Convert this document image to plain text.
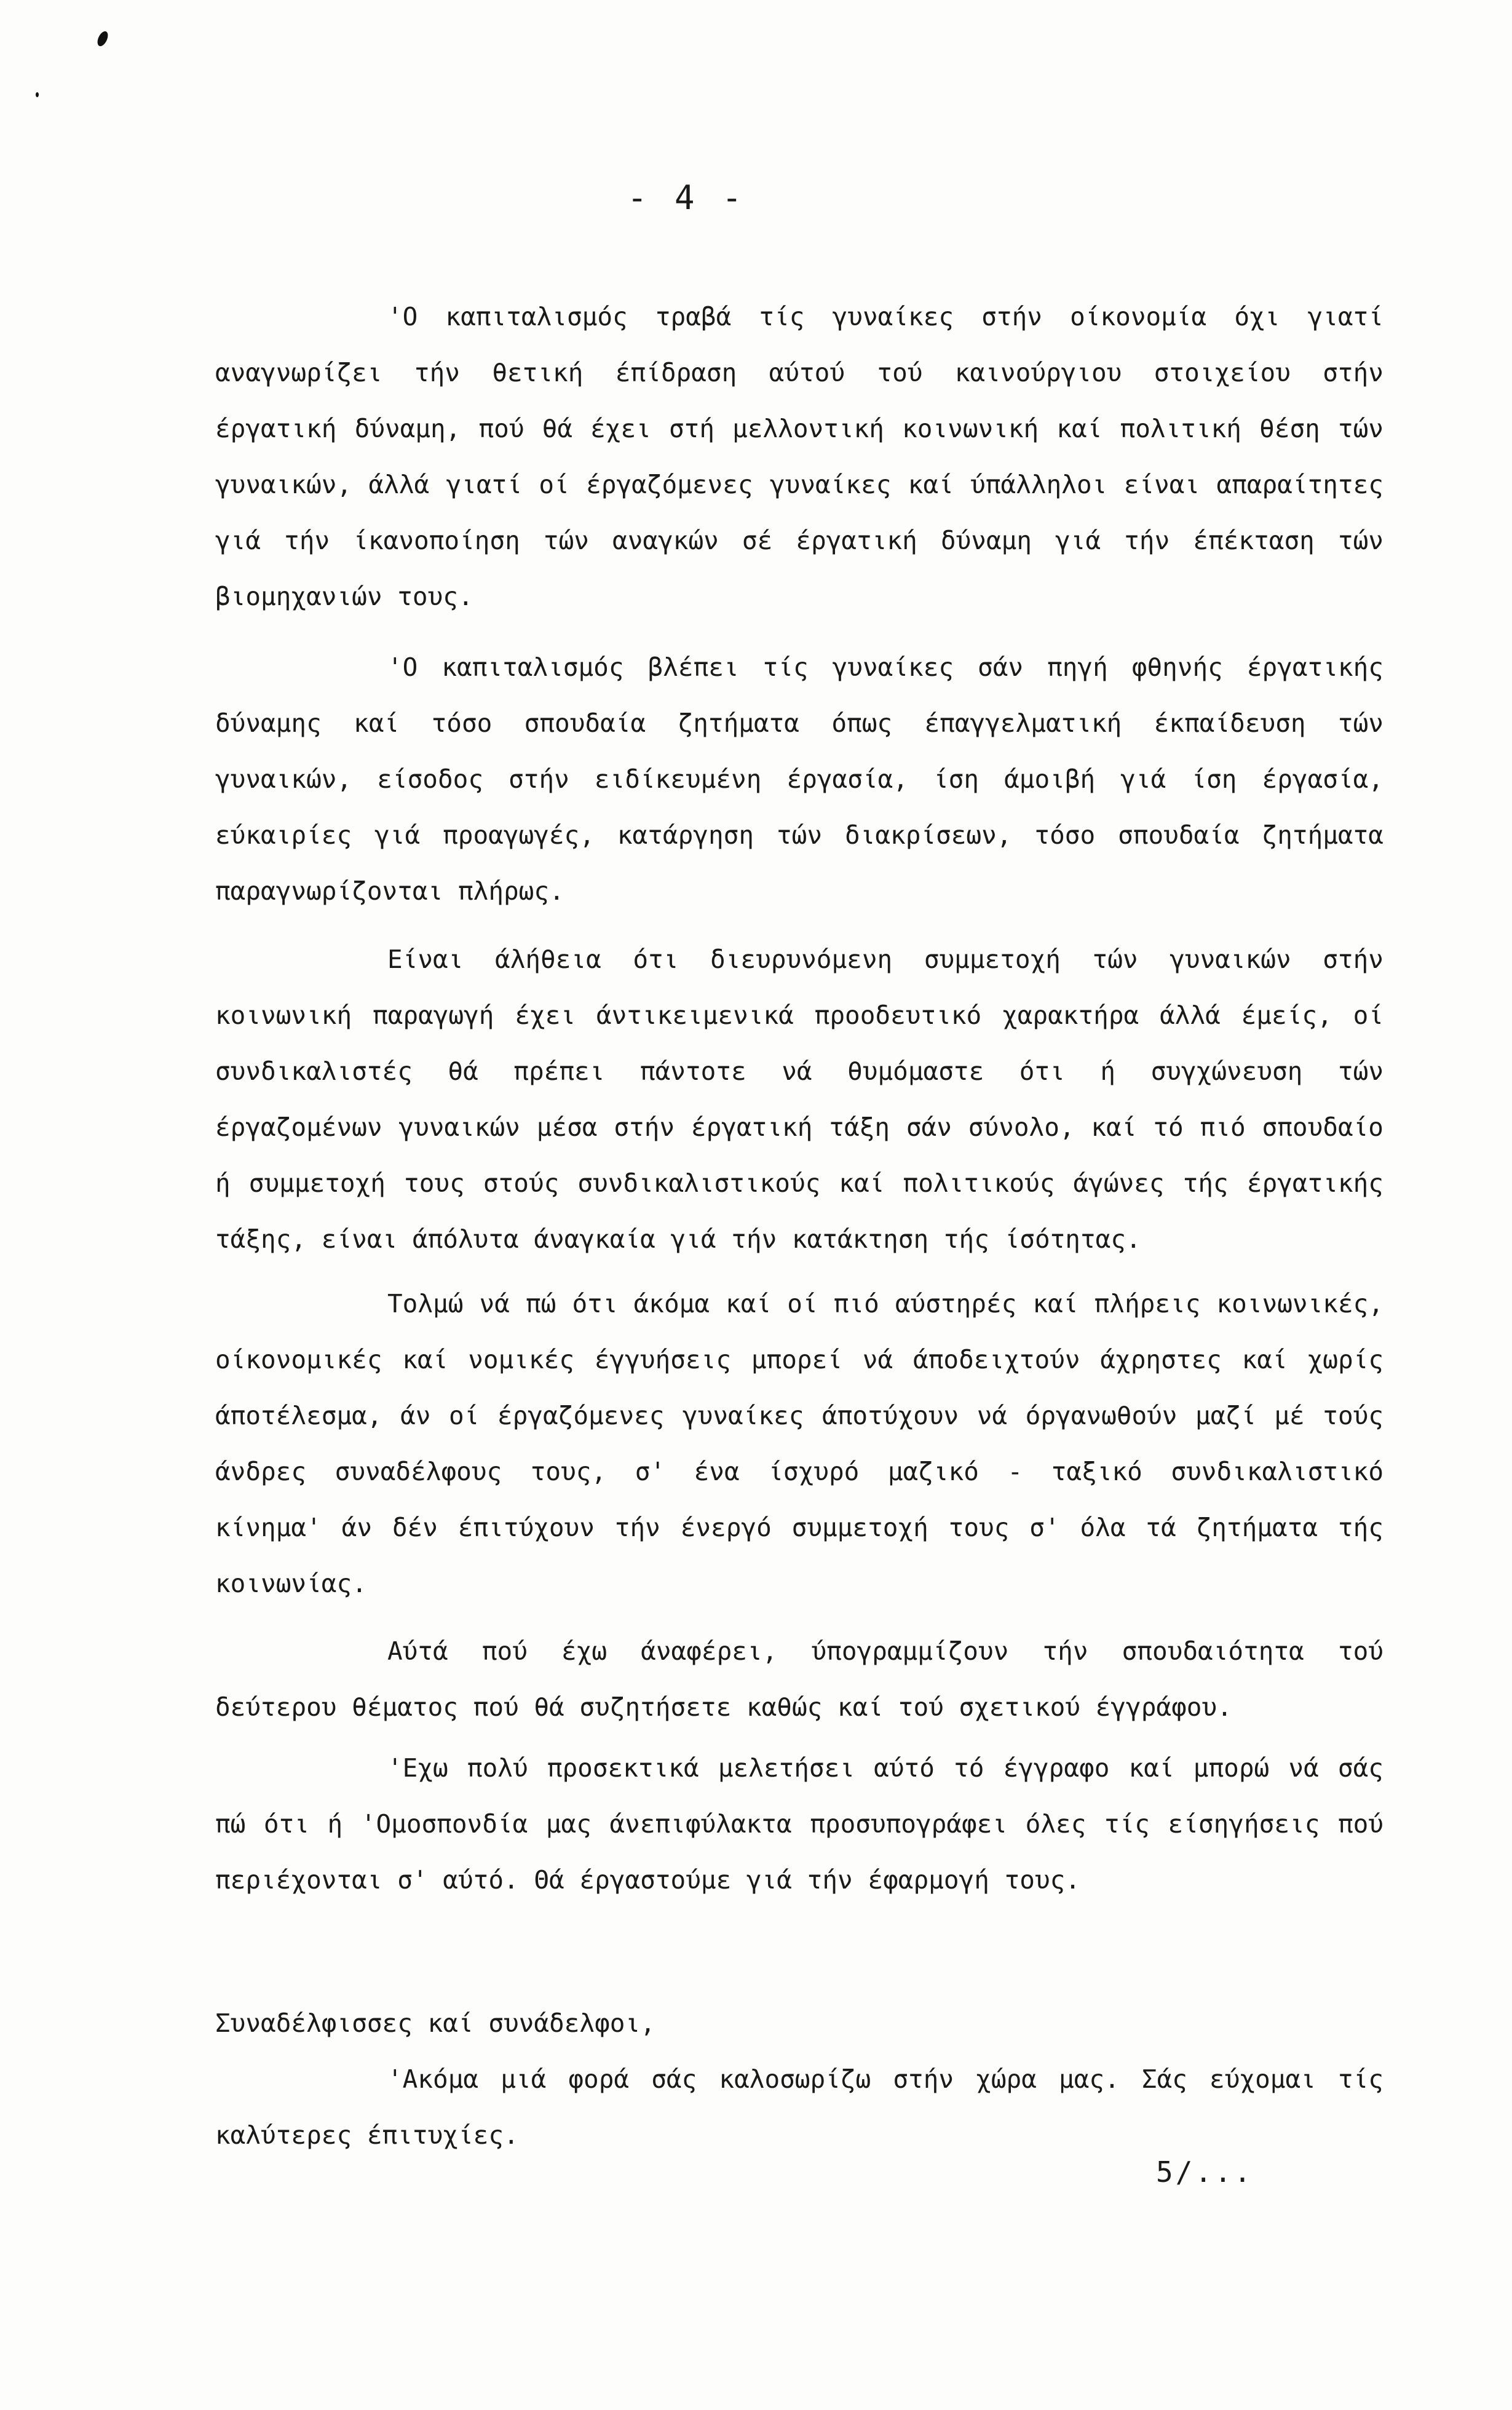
- 4 -
'Ο καπιταλισμός τραβά τίς γυναίκες στήν οίκονομία όχι γιατί αναγνωρίζει τήν θετική έπίδραση αύτού τού καινούργιου στοιχείου στήν έργατική δύναμη, πού θά έχει στή μελλοντική κοινωνική καί πολιτική θέση τών γυναικών, άλλά γιατί οί έργαζόμενες γυναίκες καί ύπάλληλοι είναι απαραίτητες γιά τήν ίκανοποίηση τών αναγκών σέ έργατική δύναμη γιά τήν έπέκταση τών βιομηχανιών τους.
'Ο καπιταλισμός βλέπει τίς γυναίκες σάν πηγή φθηνής έργατικής δύναμης καί τόσο σπουδαία ζητήματα όπως έπαγγελματική έκπαίδευση τών γυναικών, είσοδος στήν ειδίκευμένη έργασία, ίση άμοιβή γιά ίση έργασία, εύκαιρίες γιά προαγωγές, κατάργηση τών διακρίσεων, τόσο σπουδαία ζητήματα παραγνωρίζονται πλήρως.
Είναι άλήθεια ότι διευρυνόμενη συμμετοχή τών γυναικών στήν κοινωνική παραγωγή έχει άντικειμενικά προοδευτικό χαρακτήρα άλλά έμείς, οί συνδικαλιστές θά πρέπει πάντοτε νά θυμόμαστε ότι ή συγχώνευση τών έργαζομένων γυναικών μέσα στήν έργατική τάξη σάν σύνολο, καί τό πιό σπουδαίο ή συμμετοχή τους στούς συνδικαλιστικούς καί πολιτικούς άγώνες τής έργατικής τάξης, είναι άπόλυτα άναγκαία γιά τήν κατάκτηση τής ίσότητας.
Τολμώ νά πώ ότι άκόμα καί οί πιό αύστηρές καί πλήρεις κοινωνικές, οίκονομικές καί νομικές έγγυήσεις μπορεί νά άποδειχτούν άχρηστες καί χωρίς άποτέλεσμα, άν οί έργαζόμενες γυναίκες άποτύχουν νά όργανωθούν μαζί μέ τούς άνδρες συναδέλφους τους, σ' ένα ίσχυρό μαζικό - ταξικό συνδικαλιστικό κίνημα' άν δέν έπιτύχουν τήν ένεργό συμμετοχή τους σ' όλα τά ζητήματα τής κοινωνίας.
Αύτά πού έχω άναφέρει, ύπογραμμίζουν τήν σπουδαιότητα τού δεύτερου θέματος πού θά συζητήσετε καθώς καί τού σχετικού έγγράφου.
'Εχω πολύ προσεκτικά μελετήσει αύτό τό έγγραφο καί μπορώ νά σάς πώ ότι ή 'Ομοσπονδία μας άνεπιφύλακτα προσυπογράφει όλες τίς είσηγήσεις πού περιέχονται σ' αύτό. Θά έργαστούμε γιά τήν έφαρμογή τους.
Συναδέλφισσες καί συνάδελφοι,
'Ακόμα μιά φορά σάς καλοσωρίζω στήν χώρα μας. Σάς εύχομαι τίς καλύτερες έπιτυχίες.
5/...
